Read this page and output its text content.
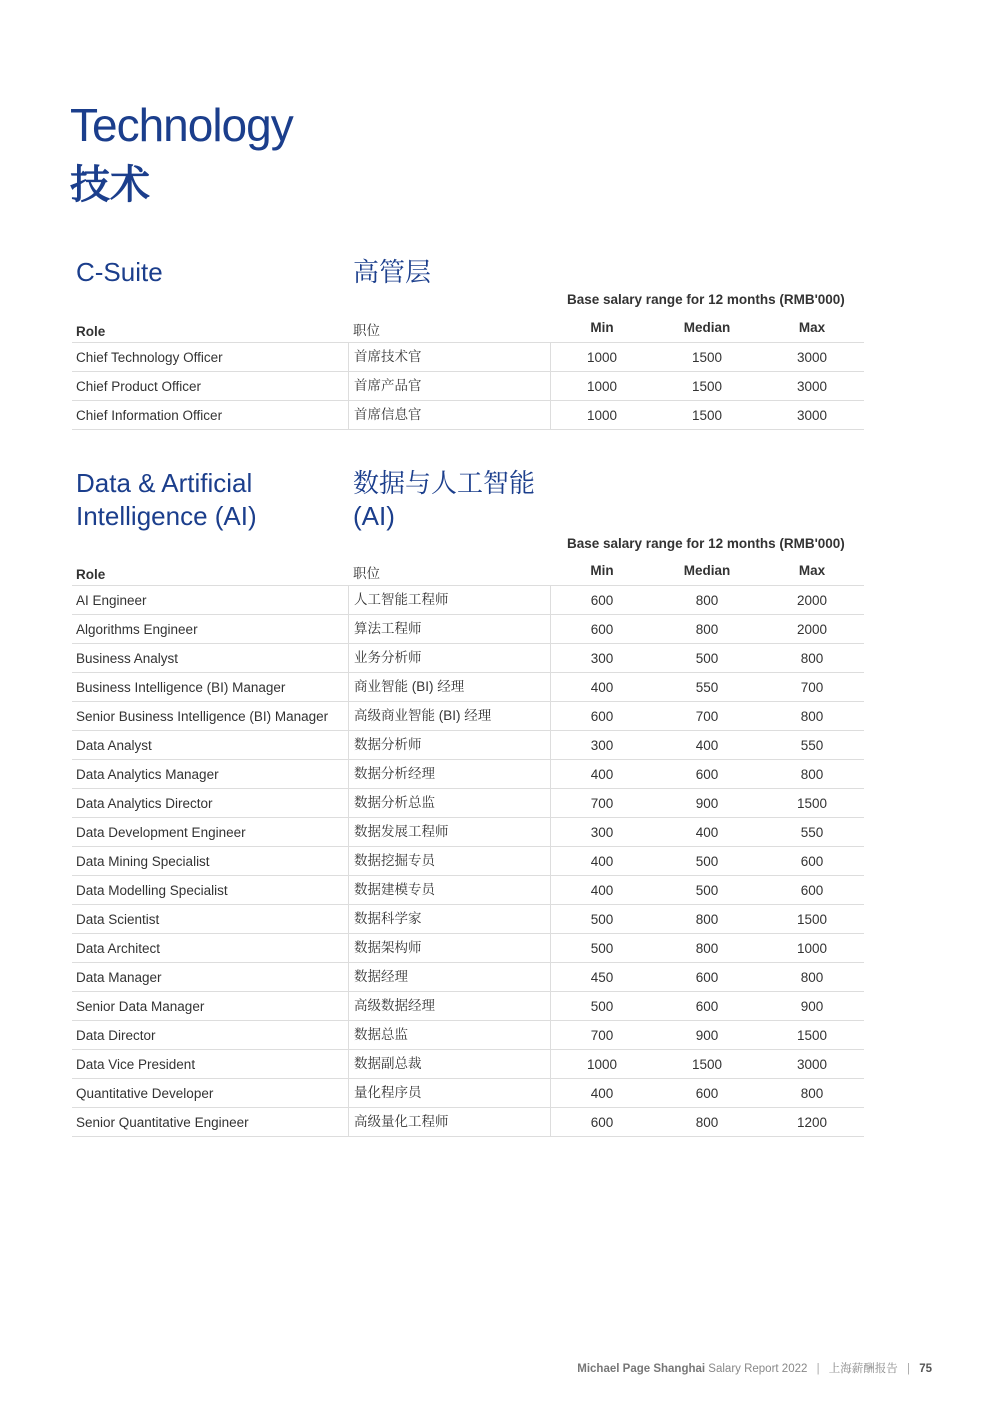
Technology
技术
C-Suite	高管层
Base salary range for 12 months (RMB'000)
Role	职位	Min	Median	Max
Chief Technology Officer	首席技术官	1000	1500	3000
Chief Product Officer	首席产品官	1000	1500	3000
Chief Information Officer	首席信息官	1000	1500	3000
Data & Artificial
Intelligence (AI)
数据与人工智能
(AI)
Base salary range for 12 months (RMB'000)
Role	职位	Min	Median	Max
AI Engineer	人工智能工程师	600	800	2000
Algorithms Engineer	算法工程师	600	800	2000
Business Analyst	业务分析师	300	500	800
Business Intelligence (BI) Manager	商业智能 (BI) 经理	400	550	700
Senior Business Intelligence (BI) Manager	高级商业智能 (BI) 经理	600	700	800
Data Analyst	数据分析师	300	400	550
Data Analytics Manager	数据分析经理	400	600	800
Data Analytics Director	数据分析总监	700	900	1500
Data Development Engineer	数据发展工程师	300	400	550
Data Mining Specialist	数据挖掘专员	400	500	600
Data Modelling Specialist	数据建模专员	400	500	600
Data Scientist	数据科学家	500	800	1500
Data Architect	数据架构师	500	800	1000
Data Manager	数据经理	450	600	800
Senior Data Manager	高级数据经理	500	600	900
Data Director	数据总监	700	900	1500
Data Vice President	数据副总裁	1000	1500	3000
Quantitative Developer	量化程序员	400	600	800
Senior Quantitative Engineer	高级量化工程师	600	800	1200
Michael Page Shanghai Salary Report 2022 | 上海薪酬报告 | 75
